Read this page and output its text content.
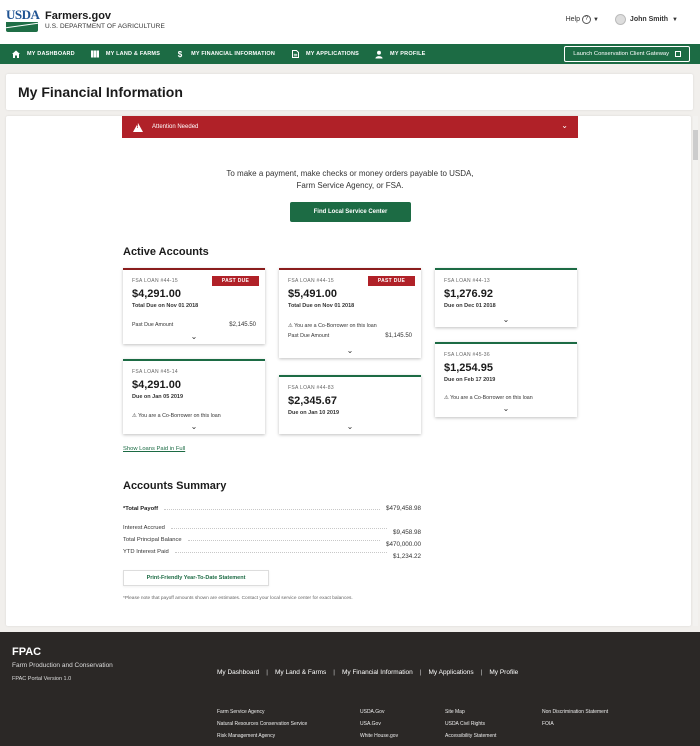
USDA Farmers.gov
U.S. DEPARTMENT OF AGRICULTURE
Help ? ▼	John Smith ▼
MY DASHBOARD	MY LAND & FARMS $	MY FINANCIAL INFORMATION	MY APPLICATIONS	MY PROFILE	Launch Conservation Client Gateway
My Financial Information
!
Attention Needed	⌄
To make a payment, make checks or money orders payable to USDA,
Farm Service Agency, or FSA.
Find Local Service Center
Active Accounts
FSA LOAN #44-15	PAST DUE
$4,291.00
Total Due on Nov 01 2018
Past Due Amount	$2,145.50
⌄
FSA LOAN #44-15	PAST DUE
$5,491.00
Total Due on Nov 01 2018
⚠ You are a Co-Borrower on this loan
Past Due Amount	$1,145.50
⌄
FSA LOAN #44-13
$1,276.92
Due on Dec 01 2018
⌄
FSA LOAN #45-14
$4,291.00
Due on Jan 05 2019
⚠ You are a Co-Borrower on this loan
⌄
FSA LOAN #44-83
$2,345.67
Due on Jan 10 2019
⌄
FSA LOAN #45-36
$1,254.95
Due on Feb 17 2019
⚠ You are a Co-Borrower on this loan
⌄
Show Loans Paid in Full
Accounts Summary
*Total Payoff	$479,458.98
Interest Accrued
$9,458.98
Total Principal Balance
$470,000.00
YTD Interest Paid
$1,234.22
Print-Friendly Year-To-Date Statement
*Please note that payoff amounts shown are estimates. Contact your local service center for exact balances.
FPAC
Farm Production and Conservation
FPAC Portal Version 1.0
My Dashboard | My Land & Farms | My Financial Information | My Applications | My Profile
Farm Service Agency
Natural Resources Conservation Service
Risk Management Agency
USDA.Gov
USA.Gov
White House.gov
Site Map
USDA Civil Rights
Accessibility Statement
Non Discrimination Statement
FOIA
